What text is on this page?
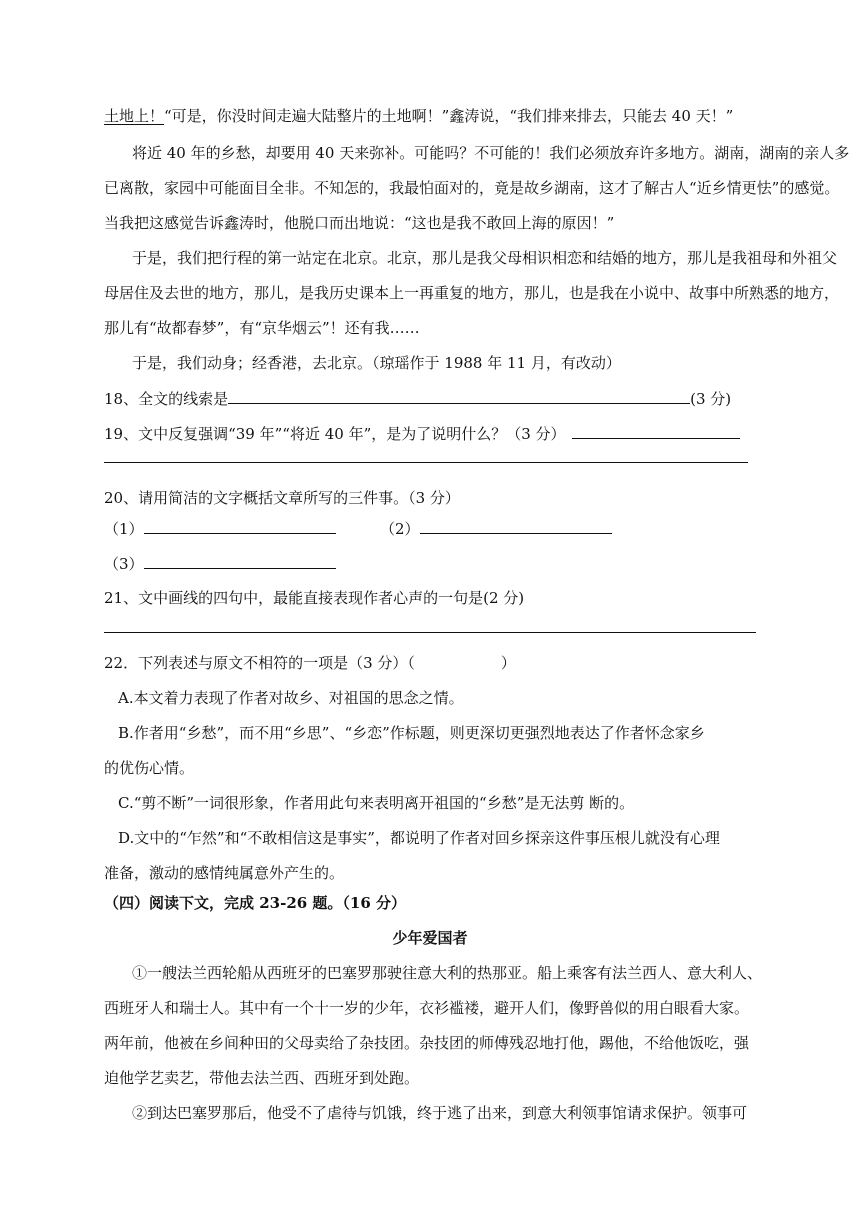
土地上！“可是，你没时间走遍大陆整片的土地啊！”鑫涛说，“我们排来排去，只能去 40 天！”
将近 40 年的乡愁，却要用 40 天来弥补。可能吗？不可能的！我们必须放弃许多地方。湖南，湖南的亲人多
已离散，家园中可能面目全非。不知怎的，我最怕面对的，竟是故乡湖南，这才了解古人“近乡情更怯”的感觉。
当我把这感觉告诉鑫涛时，他脱口而出地说：“这也是我不敢回上海的原因！”
于是，我们把行程的第一站定在北京。北京，那儿是我父母相识相恋和结婚的地方，那儿是我祖母和外祖父
母居住及去世的地方，那儿，是我历史课本上一再重复的地方，那儿，也是我在小说中、故事中所熟悉的地方，
那儿有“故都春梦”，有“京华烟云”！还有我……
于是，我们动身；经香港，去北京。（琼瑶作于 1988 年 11 月，有改动）
18、全文的线索是	(3 分)
19、文中反复强调“39 年”“将近 40 年”，是为了说明什么？（3 分）
20、请用简洁的文字概括文章所写的三件事。（3 分）
（1）	（2）
（3）
21、文中画线的四句中，最能直接表现作者心声的一句是(2 分)
22．下列表述与原文不相符的一项是（3 分）（	）
A.本文着力表现了作者对故乡、对祖国的思念之情。
B.作者用“乡愁”，而不用“乡思”、“乡恋”作标题，则更深切更强烈地表达了作者怀念家乡
的优伤心情。
C.“剪不断”一词很形象，作者用此句来表明离开祖国的“乡愁”是无法剪 断的。
D.文中的“乍然”和“不敢相信这是事实”，都说明了作者对回乡探亲这件事压根儿就没有心理
准备，激动的感情纯属意外产生的。
（四）阅读下文，完成 23-26 题。（16 分）
少年爱国者
①一艘法兰西轮船从西班牙的巴塞罗那驶往意大利的热那亚。船上乘客有法兰西人、意大利人、
西班牙人和瑞士人。其中有一个十一岁的少年，衣衫褴褛，避开人们，像野兽似的用白眼看大家。
两年前，他被在乡间种田的父母卖给了杂技团。杂技团的师傅残忍地打他，踢他，不给他饭吃，强
迫他学艺卖艺，带他去法兰西、西班牙到处跑。
②到达巴塞罗那后，他受不了虐待与饥饿，终于逃了出来，到意大利领事馆请求保护。领事可
